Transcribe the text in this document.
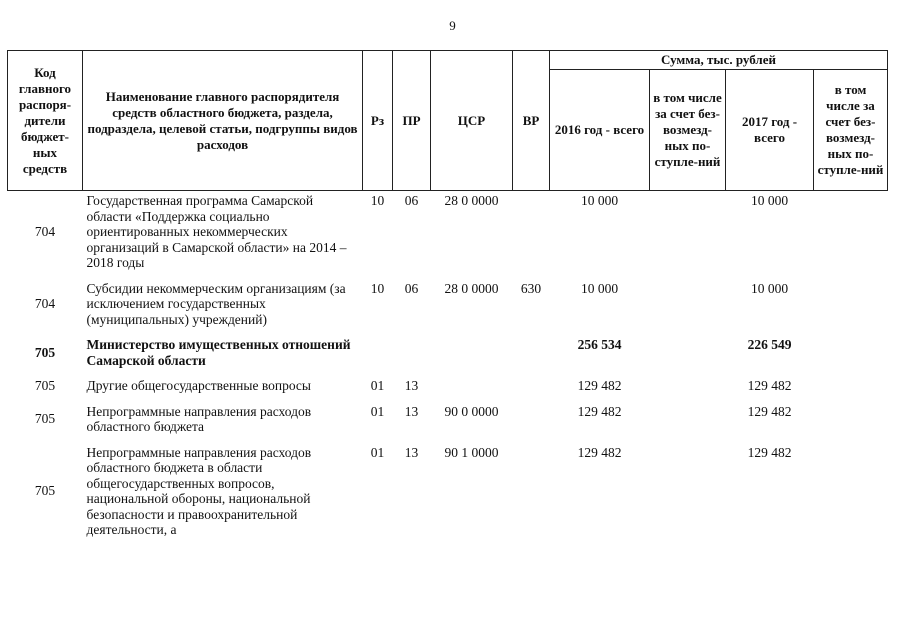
9
Код главного распоря-дители бюджет-ных средств	Наименование главного распорядителя средств областного бюджета, раздела, подраздела, целевой статьи, подгруппы видов расходов	Рз	ПР	ЦСР	ВР	Сумма, тыс. рублей			
						2016 год - всего	в том числе за счет без-возмезд-ных по-ступле-ний	2017 год - всего	в том числе за счет без-возмезд-ных по-ступле-ний
704	Государственная программа Самарской области «Поддержка социально ориентированных некоммерческих организаций в Самарской области» на 2014 – 2018 годы	10	06	28 0 0000		10 000		10 000	
704	Субсидии некоммерческим организациям (за исключением государственных (муниципальных) учреждений)	10	06	28 0 0000	630	10 000		10 000	
705	Министерство имущественных отношений Самарской области					256 534		226 549	
705	Другие общегосударственные вопросы	01	13			129 482		129 482	
705	Непрограммные направления расходов областного бюджета	01	13	90 0 0000		129 482		129 482	
705	Непрограммные направления расходов областного бюджета в области общегосударственных вопросов, национальной обороны, национальной безопасности и правоохранительной деятельности, а	01	13	90 1 0000		129 482		129 482	
